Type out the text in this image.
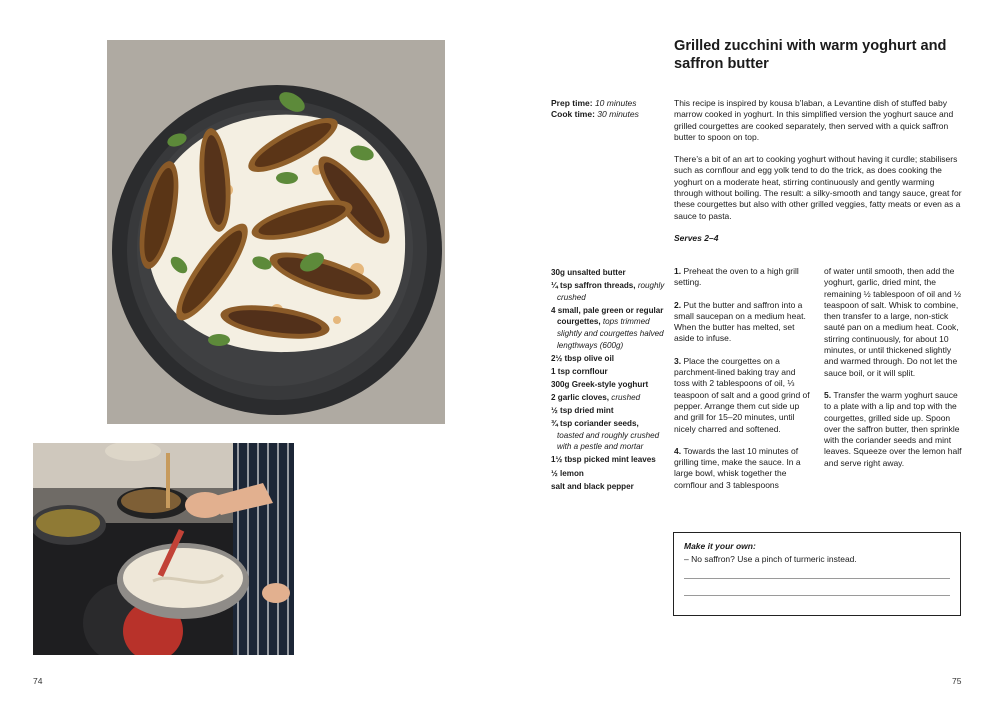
Grilled zucchini with warm yoghurt and saffron butter
Prep time: 10 minutes
Cook time: 30 minutes

This recipe is inspired by kousa b’laban, a Levantine dish of stuffed baby marrow cooked in yoghurt. In this simplified version the yoghurt sauce and grilled courgettes are cooked separately, then served with a quick saffron butter to spoon on top.

There’s a bit of an art to cooking yoghurt without having it curdle; stabilisers such as cornflour and egg yolk tend to do the trick, as does cooking the yoghurt on a moderate heat, stirring continuously and gently warming through without boiling. The result: a silky-smooth and tangy sauce, great for these courgettes but also with other grilled veggies, fatty meats or even as a sauce to pasta.

Serves 2–4
30g unsalted butter
¼ tsp saffron threads, roughly crushed
4 small, pale green or regular courgettes, tops trimmed slightly and courgettes halved lengthways (600g)
2½ tbsp olive oil
1 tsp cornflour
300g Greek-style yoghurt
2 garlic cloves, crushed
½ tsp dried mint
¾ tsp coriander seeds, toasted and roughly crushed with a pestle and mortar
1½ tbsp picked mint leaves
½ lemon
salt and black pepper

1. Preheat the oven to a high grill setting.

2. Put the butter and saffron into a small saucepan on a medium heat. When the butter has melted, set aside to infuse.

3. Place the courgettes on a parchment-lined baking tray and toss with 2 tablespoons of oil, ⅓ teaspoon of salt and a good grind of pepper. Arrange them cut side up and grill for 15–20 minutes, until nicely charred and softened.

4. Towards the last 10 minutes of grilling time, make the sauce. In a large bowl, whisk together the cornflour and 3 tablespoons

of water until smooth, then add the yoghurt, garlic, dried mint, the remaining ½ tablespoon of oil and ½ teaspoon of salt. Whisk to combine, then transfer to a large, non-stick sauté pan on a medium heat. Cook, stirring continuously, for about 10 minutes, or until thickened slightly and warmed through. Do not let the sauce boil, or it will split.

5. Transfer the warm yoghurt sauce to a plate with a lip and top with the courgettes, grilled side up. Spoon over the saffron butter, then sprinkle with the coriander seeds and mint leaves. Squeeze over the lemon half and serve right away.

Make it your own:
– No saffron? Use a pinch of turmeric instead.
74	75
